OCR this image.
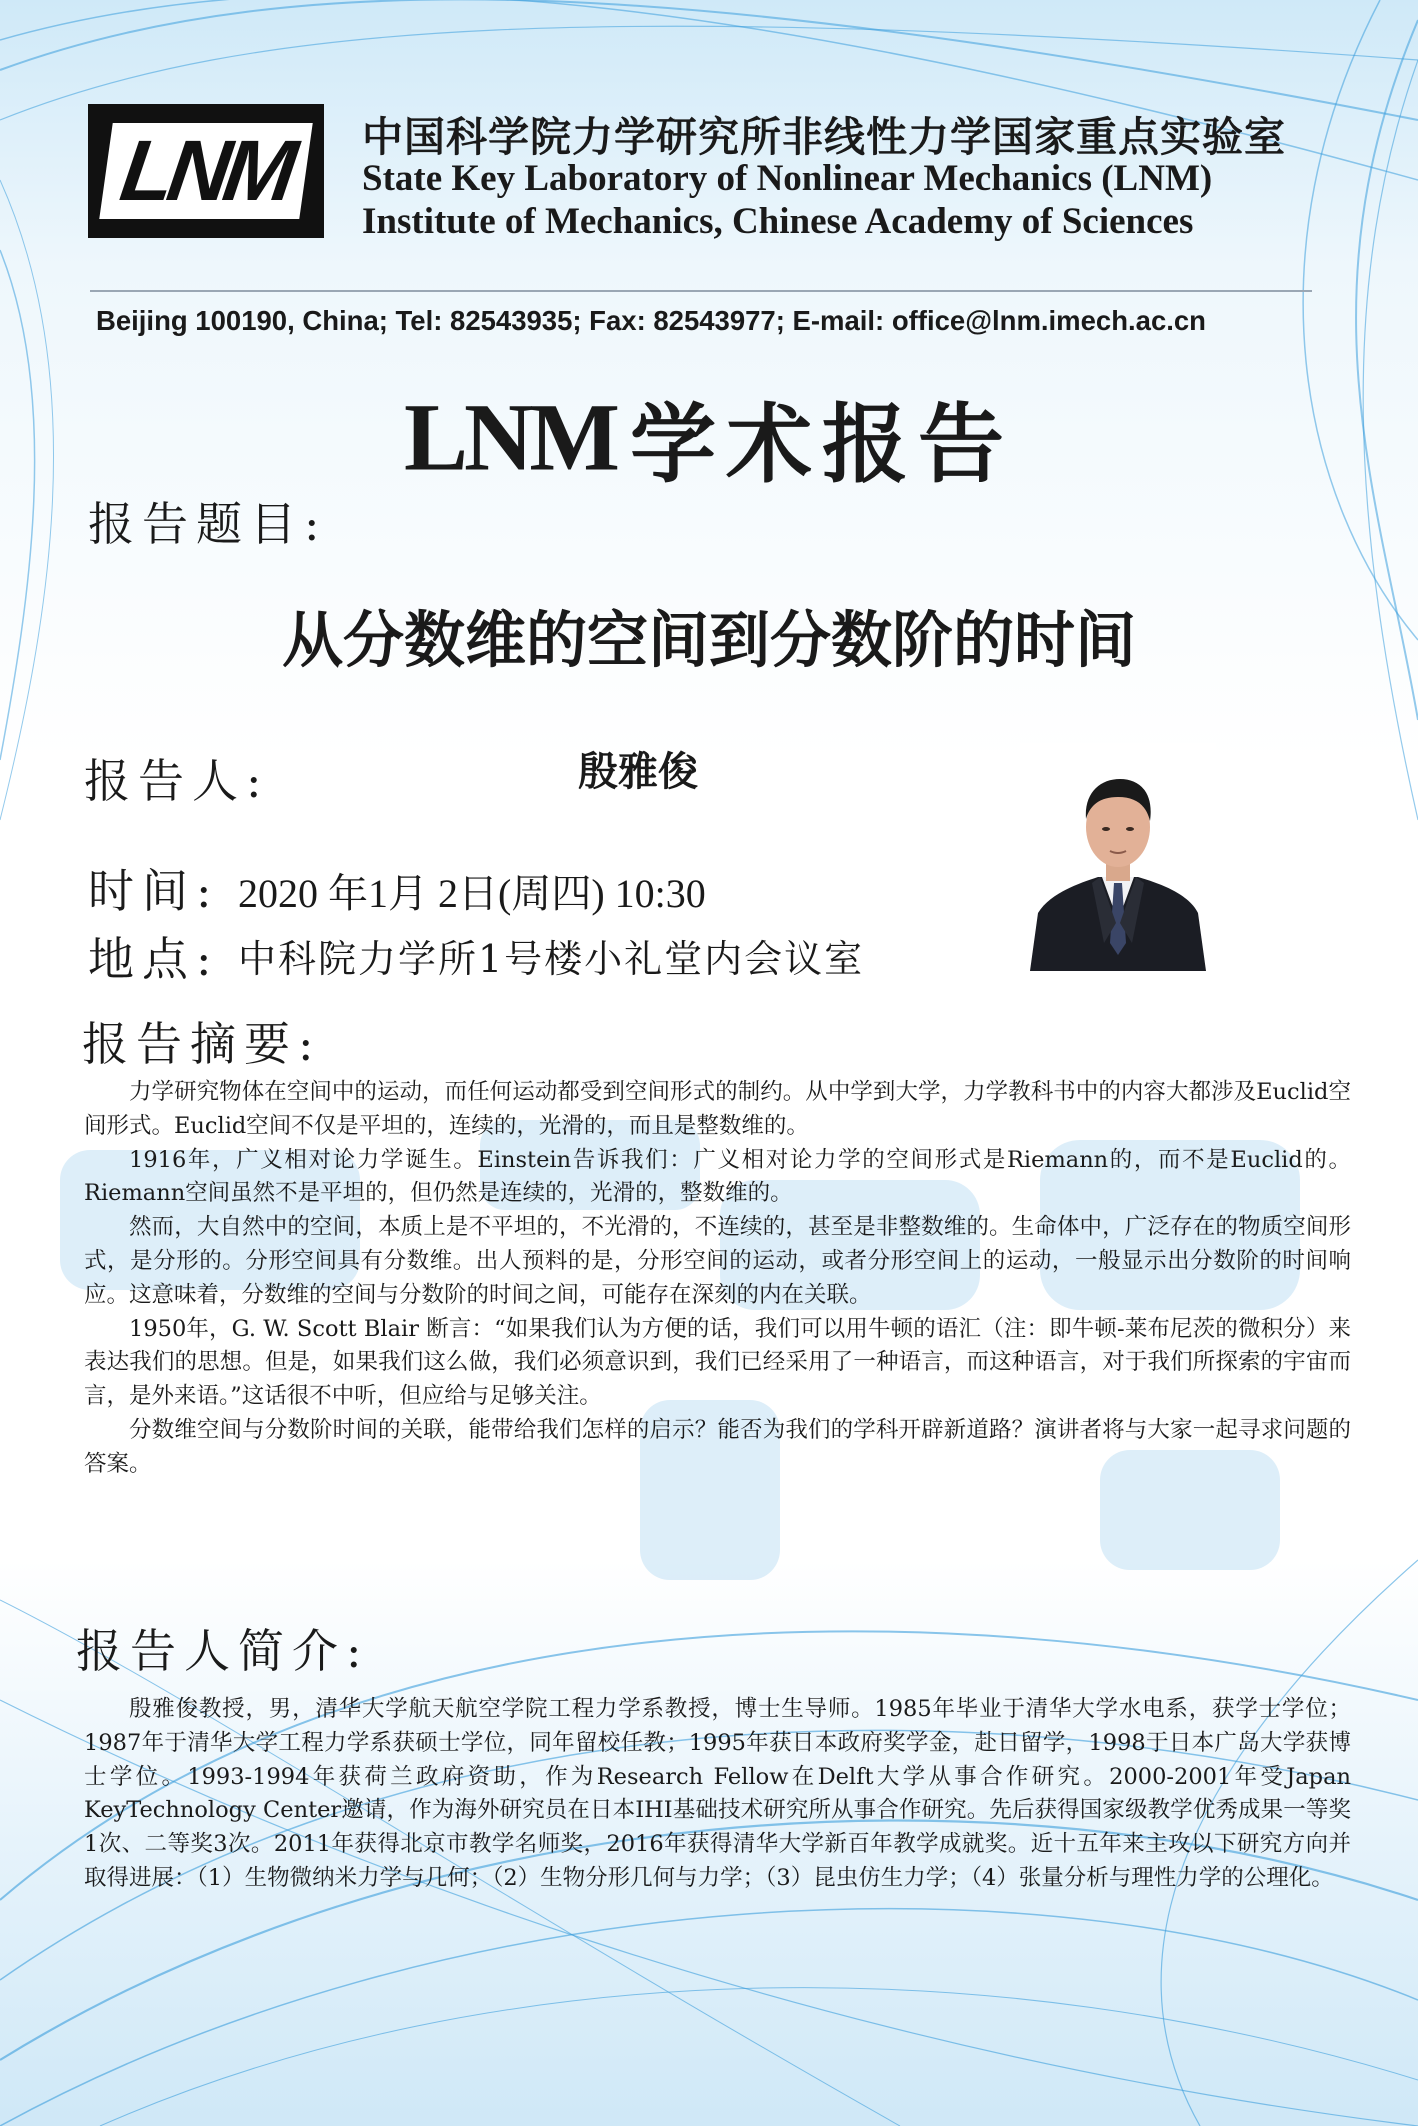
LNM 中国科学院力学研究所非线性力学国家重点实验室
State Key Laboratory of Nonlinear Mechanics (LNM)
Institute of Mechanics, Chinese Academy of Sciences
Beijing 100190, China; Tel: 82543935; Fax: 82543977; E-mail: office@lnm.imech.ac.cn
LNM 学术报告
报告题目:
从分数维的空间到分数阶的时间
报告人:	殷雅俊
时间: 2020 年1月 2日(周四) 10:30
地点: 中科院力学所1号楼小礼堂内会议室
报告摘要:

力学研究物体在空间中的运动，而任何运动都受到空间形式的制约。从中学到大学，力学教科书中的内容大都涉及Euclid空间形式。Euclid空间不仅是平坦的，连续的，光滑的，而且是整数维的。

1916年，广义相对论力学诞生。Einstein告诉我们：广义相对论力学的空间形式是Riemann的，而不是Euclid的。Riemann空间虽然不是平坦的，但仍然是连续的，光滑的，整数维的。

然而，大自然中的空间，本质上是不平坦的，不光滑的，不连续的，甚至是非整数维的。生命体中，广泛存在的物质空间形式，是分形的。分形空间具有分数维。出人预料的是，分形空间的运动，或者分形空间上的运动，一般显示出分数阶的时间响应。这意味着，分数维的空间与分数阶的时间之间，可能存在深刻的内在关联。

1950年，G. W. Scott Blair 断言：“如果我们认为方便的话，我们可以用牛顿的语汇（注：即牛顿-莱布尼茨的微积分）来表达我们的思想。但是，如果我们这么做，我们必须意识到，我们已经采用了一种语言，而这种语言，对于我们所探索的宇宙而言，是外来语。”这话很不中听，但应给与足够关注。

分数维空间与分数阶时间的关联，能带给我们怎样的启示？能否为我们的学科开辟新道路？演讲者将与大家一起寻求问题的答案。

报告人简介:

殷雅俊教授，男，清华大学航天航空学院工程力学系教授，博士生导师。1985年毕业于清华大学水电系，获学士学位；1987年于清华大学工程力学系获硕士学位，同年留校任教；1995年获日本政府奖学金，赴日留学，1998于日本广岛大学获博士学位。1993-1994年获荷兰政府资助，作为Research Fellow在Delft大学从事合作研究。2000-2001年受Japan KeyTechnology Center邀请，作为海外研究员在日本IHI基础技术研究所从事合作研究。先后获得国家级教学优秀成果一等奖1次、二等奖3次。2011年获得北京市教学名师奖，2016年获得清华大学新百年教学成就奖。近十五年来主攻以下研究方向并取得进展：（1）生物微纳米力学与几何；（2）生物分形几何与力学；（3）昆虫仿生力学；（4）张量分析与理性力学的公理化。
